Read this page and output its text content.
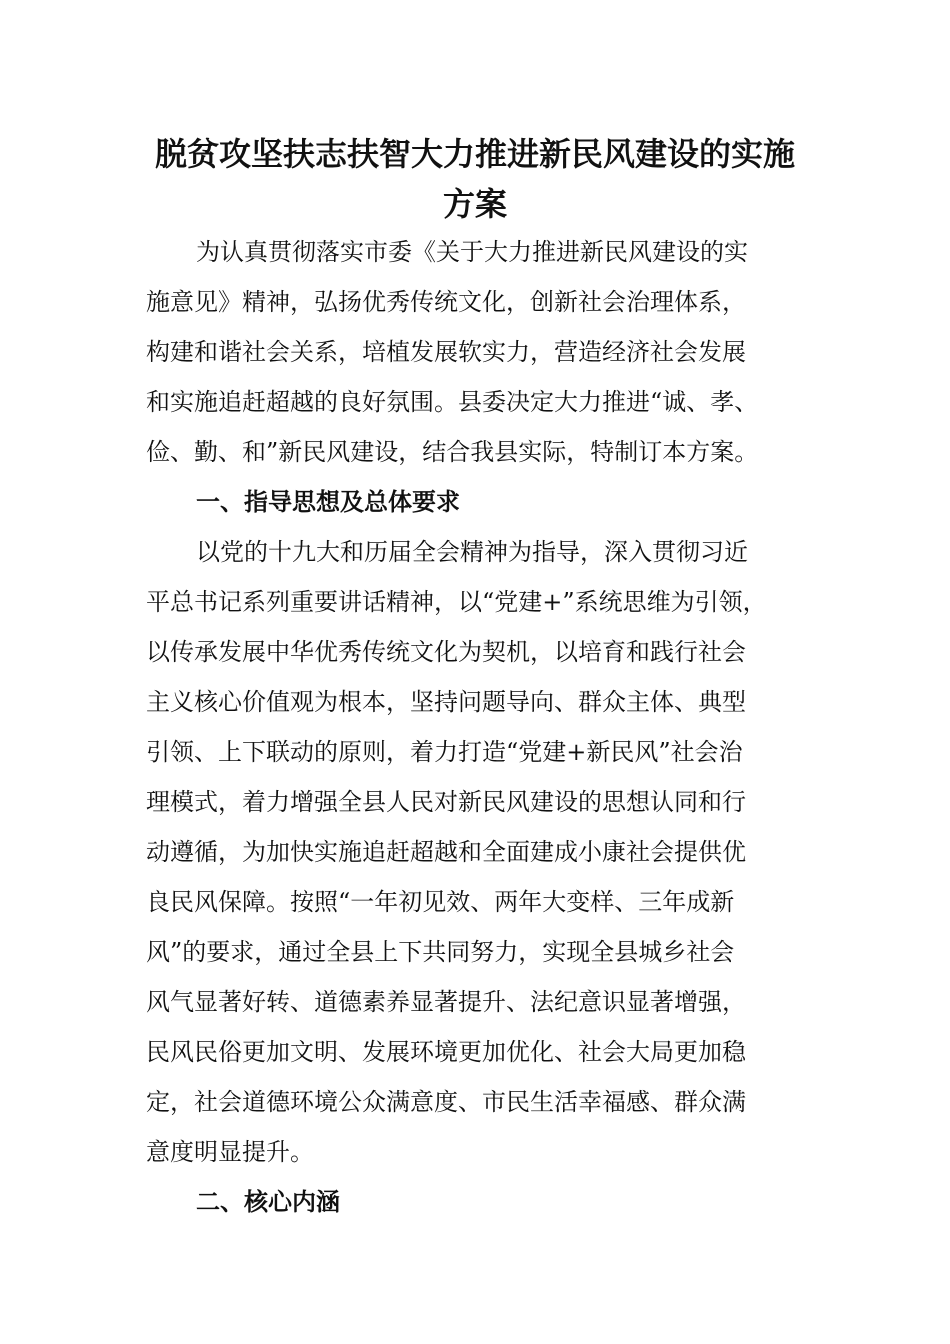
脱贫攻坚扶志扶智大力推进新民风建设的实施
方案
为认真贯彻落实市委《关于大力推进新民风建设的实
施意见》精神，弘扬优秀传统文化，创新社会治理体系，
构建和谐社会关系，培植发展软实力，营造经济社会发展
和实施追赶超越的良好氛围。县委决定大力推进“诚、孝、
俭、勤、和”新民风建设，结合我县实际，特制订本方案。
一、指导思想及总体要求
以党的十九大和历届全会精神为指导，深入贯彻习近
平总书记系列重要讲话精神，以“党建+”系统思维为引领，
以传承发展中华优秀传统文化为契机，以培育和践行社会
主义核心价值观为根本，坚持问题导向、群众主体、典型
引领、上下联动的原则，着力打造“党建+新民风”社会治
理模式，着力增强全县人民对新民风建设的思想认同和行
动遵循，为加快实施追赶超越和全面建成小康社会提供优
良民风保障。按照“一年初见效、两年大变样、三年成新
风”的要求，通过全县上下共同努力，实现全县城乡社会
风气显著好转、道德素养显著提升、法纪意识显著增强，
民风民俗更加文明、发展环境更加优化、社会大局更加稳
定，社会道德环境公众满意度、市民生活幸福感、群众满
意度明显提升。
二、核心内涵
